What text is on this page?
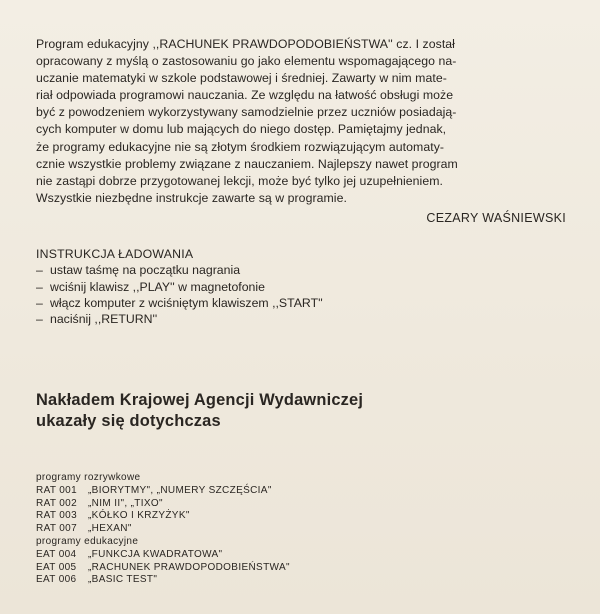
Program edukacyjny ,,RACHUNEK PRAWDOPODOBIEŃSTWA'' cz. I został
opracowany z myślą o zastosowaniu go jako elementu wspomagającego na-
uczanie matematyki w szkole podstawowej i średniej. Zawarty w nim mate-
riał odpowiada programowi nauczania. Ze względu na łatwość obsługi może
być z powodzeniem wykorzystywany samodzielnie przez uczniów posiadają-
cych komputer w domu lub mających do niego dostęp. Pamiętajmy jednak,
że programy edukacyjne nie są złotym środkiem rozwiązującym automaty-
cznie wszystkie problemy związane z nauczaniem. Najlepszy nawet program
nie zastąpi dobrze przygotowanej lekcji, może być tylko jej uzupełnieniem.
Wszystkie niezbędne instrukcje zawarte są w programie.

CEZARY WAŚNIEWSKI
INSTRUKCJA ŁADOWANIA
– ustaw taśmę na początku nagrania
– wciśnij klawisz ,,PLAY'' w magnetofonie
– włącz komputer z wciśniętym klawiszem ,,START''
– naciśnij ,,RETURN''
Nakładem Krajowej Agencji Wydawniczej
ukazały się dotychczas
programy rozrywkowe
RAT 001 „BIORYTMY", „NUMERY SZCZĘŚCIA"
RAT 002 „NIM II", „TIXO"
RAT 003 „KÓŁKO I KRZYŻYK"
RAT 007 „HEXAN"
programy edukacyjne
EAT 004 „FUNKCJA KWADRATOWA"
EAT 005 „RACHUNEK PRAWDOPODOBIEŃSTWA"
EAT 006 „BASIC TEST"
